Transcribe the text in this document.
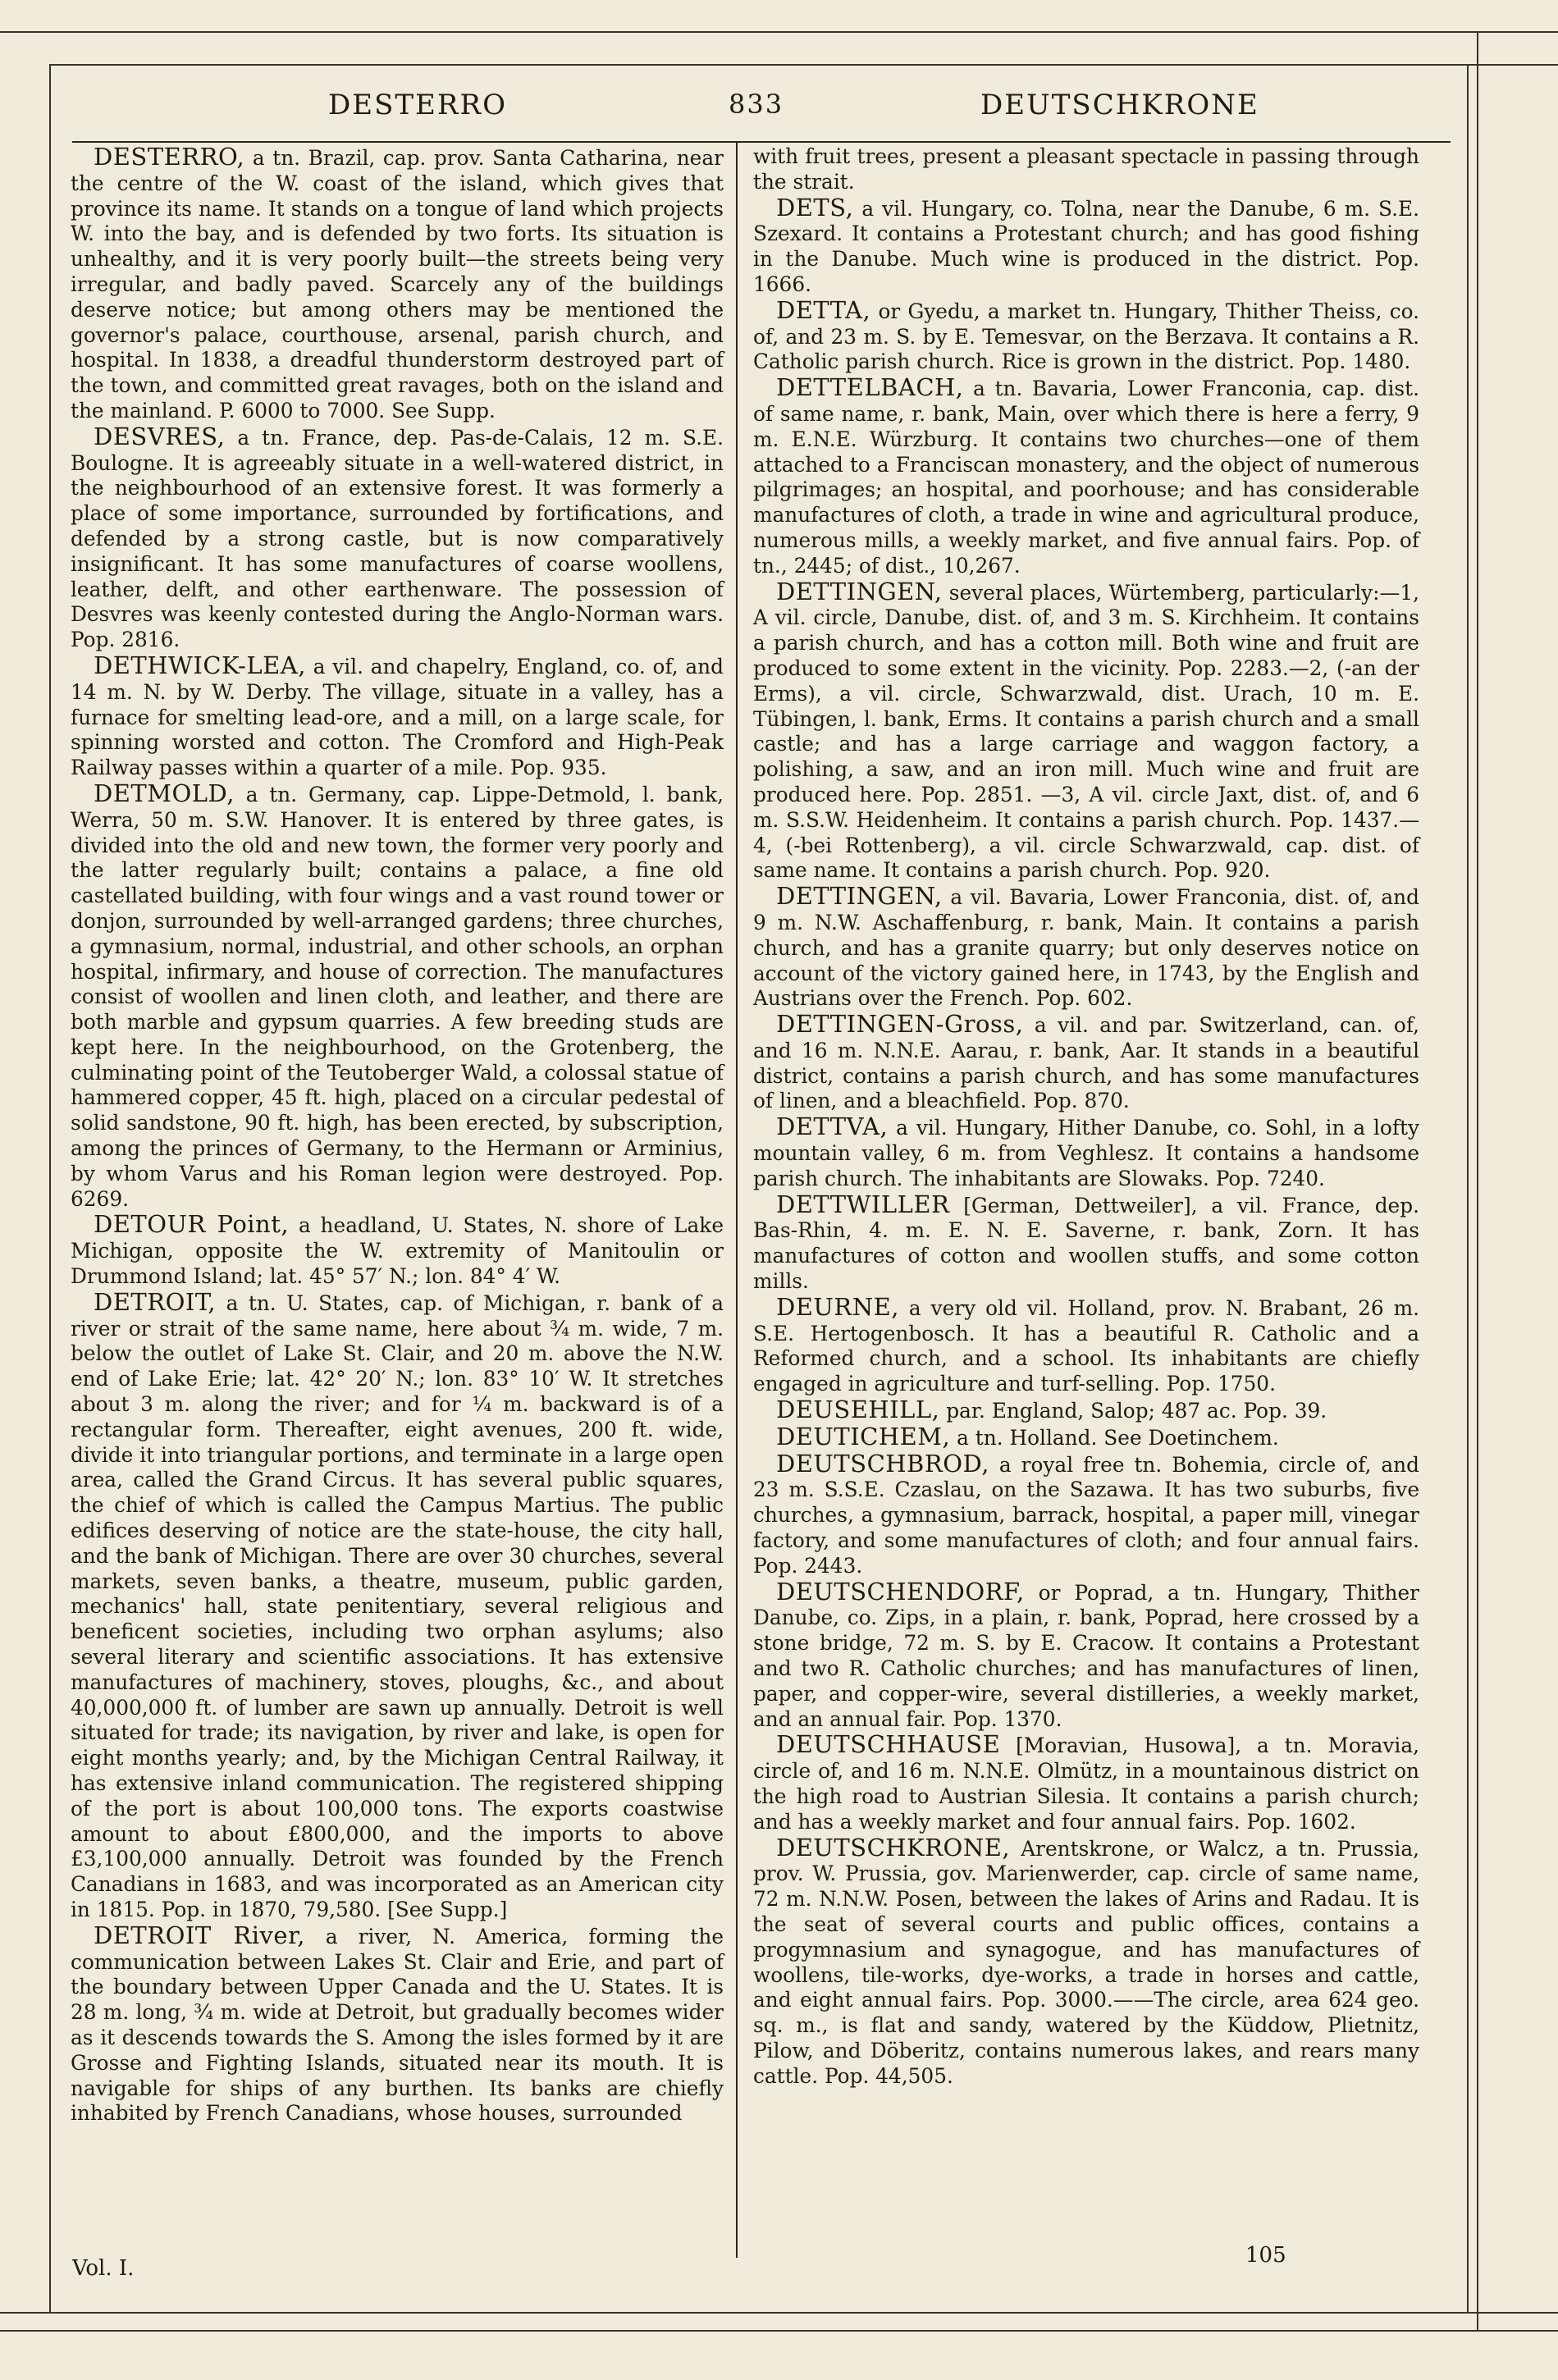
DESTERRO	833	DEUTSCHKRONE

DESTERRO, a tn. Brazil, cap. prov. Santa Catharina, near the centre of the W. coast of the island, which gives that province its name. It stands on a tongue of land which projects W. into the bay, and is defended by two forts. Its situation is unhealthy, and it is very poorly built—the streets being very irregular, and badly paved. Scarcely any of the buildings deserve notice; but among others may be mentioned the governor's palace, courthouse, arsenal, parish church, and hospital. In 1838, a dreadful thunderstorm destroyed part of the town, and committed great ravages, both on the island and the mainland. P. 6000 to 7000. See Supp.

DESVRES, a tn. France, dep. Pas-de-Calais, 12 m. S.E. Boulogne. It is agreeably situate in a well-watered district, in the neighbourhood of an extensive forest. It was formerly a place of some importance, surrounded by fortifications, and defended by a strong castle, but is now comparatively insignificant. It has some manufactures of coarse woollens, leather, delft, and other earthenware. The possession of Desvres was keenly contested during the Anglo-Norman wars. Pop. 2816.

DETHWICK-LEA, a vil. and chapelry, England, co. of, and 14 m. N. by W. Derby. The village, situate in a valley, has a furnace for smelting lead-ore, and a mill, on a large scale, for spinning worsted and cotton. The Cromford and High-Peak Railway passes within a quarter of a mile. Pop. 935.

DETMOLD, a tn. Germany, cap. Lippe-Detmold, l. bank, Werra, 50 m. S.W. Hanover. It is entered by three gates, is divided into the old and new town, the former very poorly and the latter regularly built; contains a palace, a fine old castellated building, with four wings and a vast round tower or donjon, surrounded by well-arranged gardens; three churches, a gymnasium, normal, industrial, and other schools, an orphan hospital, infirmary, and house of correction. The manufactures consist of woollen and linen cloth, and leather, and there are both marble and gypsum quarries. A few breeding studs are kept here. In the neighbourhood, on the Grotenberg, the culminating point of the Teutoberger Wald, a colossal statue of hammered copper, 45 ft. high, placed on a circular pedestal of solid sandstone, 90 ft. high, has been erected, by subscription, among the princes of Germany, to the Hermann or Arminius, by whom Varus and his Roman legion were destroyed. Pop. 6269.

DETOUR Point, a headland, U. States, N. shore of Lake Michigan, opposite the W. extremity of Manitoulin or Drummond Island; lat. 45° 57′ N.; lon. 84° 4′ W.

DETROIT, a tn. U. States, cap. of Michigan, r. bank of a river or strait of the same name, here about ¾ m. wide, 7 m. below the outlet of Lake St. Clair, and 20 m. above the N.W. end of Lake Erie; lat. 42° 20′ N.; lon. 83° 10′ W. It stretches about 3 m. along the river; and for ¼ m. backward is of a rectangular form. Thereafter, eight avenues, 200 ft. wide, divide it into triangular portions, and terminate in a large open area, called the Grand Circus. It has several public squares, the chief of which is called the Campus Martius. The public edifices deserving of notice are the state-house, the city hall, and the bank of Michigan. There are over 30 churches, several markets, seven banks, a theatre, museum, public garden, mechanics' hall, state penitentiary, several religious and beneficent societies, including two orphan asylums; also several literary and scientific associations. It has extensive manufactures of machinery, stoves, ploughs, &c., and about 40,000,000 ft. of lumber are sawn up annually. Detroit is well situated for trade; its navigation, by river and lake, is open for eight months yearly; and, by the Michigan Central Railway, it has extensive inland communication. The registered shipping of the port is about 100,000 tons. The exports coastwise amount to about £800,000, and the imports to above £3,100,000 annually. Detroit was founded by the French Canadians in 1683, and was incorporated as an American city in 1815. Pop. in 1870, 79,580. [See Supp.]

DETROIT River, a river, N. America, forming the communication between Lakes St. Clair and Erie, and part of the boundary between Upper Canada and the U. States. It is 28 m. long, ¾ m. wide at Detroit, but gradually becomes wider as it descends towards the S. Among the isles formed by it are Grosse and Fighting Islands, situated near its mouth. It is navigable for ships of any burthen. Its banks are chiefly inhabited by French Canadians, whose houses, surrounded

with fruit trees, present a pleasant spectacle in passing through the strait.

DETS, a vil. Hungary, co. Tolna, near the Danube, 6 m. S.E. Szexard. It contains a Protestant church; and has good fishing in the Danube. Much wine is produced in the district. Pop. 1666.

DETTA, or Gyedu, a market tn. Hungary, Thither Theiss, co. of, and 23 m. S. by E. Temesvar, on the Berzava. It contains a R. Catholic parish church. Rice is grown in the district. Pop. 1480.

DETTELBACH, a tn. Bavaria, Lower Franconia, cap. dist. of same name, r. bank, Main, over which there is here a ferry, 9 m. E.N.E. Würzburg. It contains two churches—one of them attached to a Franciscan monastery, and the object of numerous pilgrimages; an hospital, and poorhouse; and has considerable manufactures of cloth, a trade in wine and agricultural produce, numerous mills, a weekly market, and five annual fairs. Pop. of tn., 2445; of dist., 10,267.

DETTINGEN, several places, Würtemberg, particularly:—1, A vil. circle, Danube, dist. of, and 3 m. S. Kirchheim. It contains a parish church, and has a cotton mill. Both wine and fruit are produced to some extent in the vicinity. Pop. 2283.—2, (-an der Erms), a vil. circle, Schwarzwald, dist. Urach, 10 m. E. Tübingen, l. bank, Erms. It contains a parish church and a small castle; and has a large carriage and waggon factory, a polishing, a saw, and an iron mill. Much wine and fruit are produced here. Pop. 2851. —3, A vil. circle Jaxt, dist. of, and 6 m. S.S.W. Heidenheim. It contains a parish church. Pop. 1437.—4, (-bei Rottenberg), a vil. circle Schwarzwald, cap. dist. of same name. It contains a parish church. Pop. 920.

DETTINGEN, a vil. Bavaria, Lower Franconia, dist. of, and 9 m. N.W. Aschaffenburg, r. bank, Main. It contains a parish church, and has a granite quarry; but only deserves notice on account of the victory gained here, in 1743, by the English and Austrians over the French. Pop. 602.

DETTINGEN-Gross, a vil. and par. Switzerland, can. of, and 16 m. N.N.E. Aarau, r. bank, Aar. It stands in a beautiful district, contains a parish church, and has some manufactures of linen, and a bleachfield. Pop. 870.

DETTVA, a vil. Hungary, Hither Danube, co. Sohl, in a lofty mountain valley, 6 m. from Veghlesz. It contains a handsome parish church. The inhabitants are Slowaks. Pop. 7240.

DETTWILLER [German, Dettweiler], a vil. France, dep. Bas-Rhin, 4. m. E. N. E. Saverne, r. bank, Zorn. It has manufactures of cotton and woollen stuffs, and some cotton mills.

DEURNE, a very old vil. Holland, prov. N. Brabant, 26 m. S.E. Hertogenbosch. It has a beautiful R. Catholic and a Reformed church, and a school. Its inhabitants are chiefly engaged in agriculture and turf-selling. Pop. 1750.

DEUSEHILL, par. England, Salop; 487 ac. Pop. 39.

DEUTICHEM, a tn. Holland. See Doetinchem.

DEUTSCHBROD, a royal free tn. Bohemia, circle of, and 23 m. S.S.E. Czaslau, on the Sazawa. It has two suburbs, five churches, a gymnasium, barrack, hospital, a paper mill, vinegar factory, and some manufactures of cloth; and four annual fairs. Pop. 2443.

DEUTSCHENDORF, or Poprad, a tn. Hungary, Thither Danube, co. Zips, in a plain, r. bank, Poprad, here crossed by a stone bridge, 72 m. S. by E. Cracow. It contains a Protestant and two R. Catholic churches; and has manufactures of linen, paper, and copper-wire, several distilleries, a weekly market, and an annual fair. Pop. 1370.

DEUTSCHHAUSE [Moravian, Husowa], a tn. Moravia, circle of, and 16 m. N.N.E. Olmütz, in a mountainous district on the high road to Austrian Silesia. It contains a parish church; and has a weekly market and four annual fairs. Pop. 1602.

DEUTSCHKRONE, Arentskrone, or Walcz, a tn. Prussia, prov. W. Prussia, gov. Marienwerder, cap. circle of same name, 72 m. N.N.W. Posen, between the lakes of Arins and Radau. It is the seat of several courts and public offices, contains a progymnasium and synagogue, and has manufactures of woollens, tile-works, dye-works, a trade in horses and cattle, and eight annual fairs. Pop. 3000.——The circle, area 624 geo. sq. m., is flat and sandy, watered by the Küddow, Plietnitz, Pilow, and Döberitz, contains numerous lakes, and rears many cattle. Pop. 44,505.

Vol. I.
105
